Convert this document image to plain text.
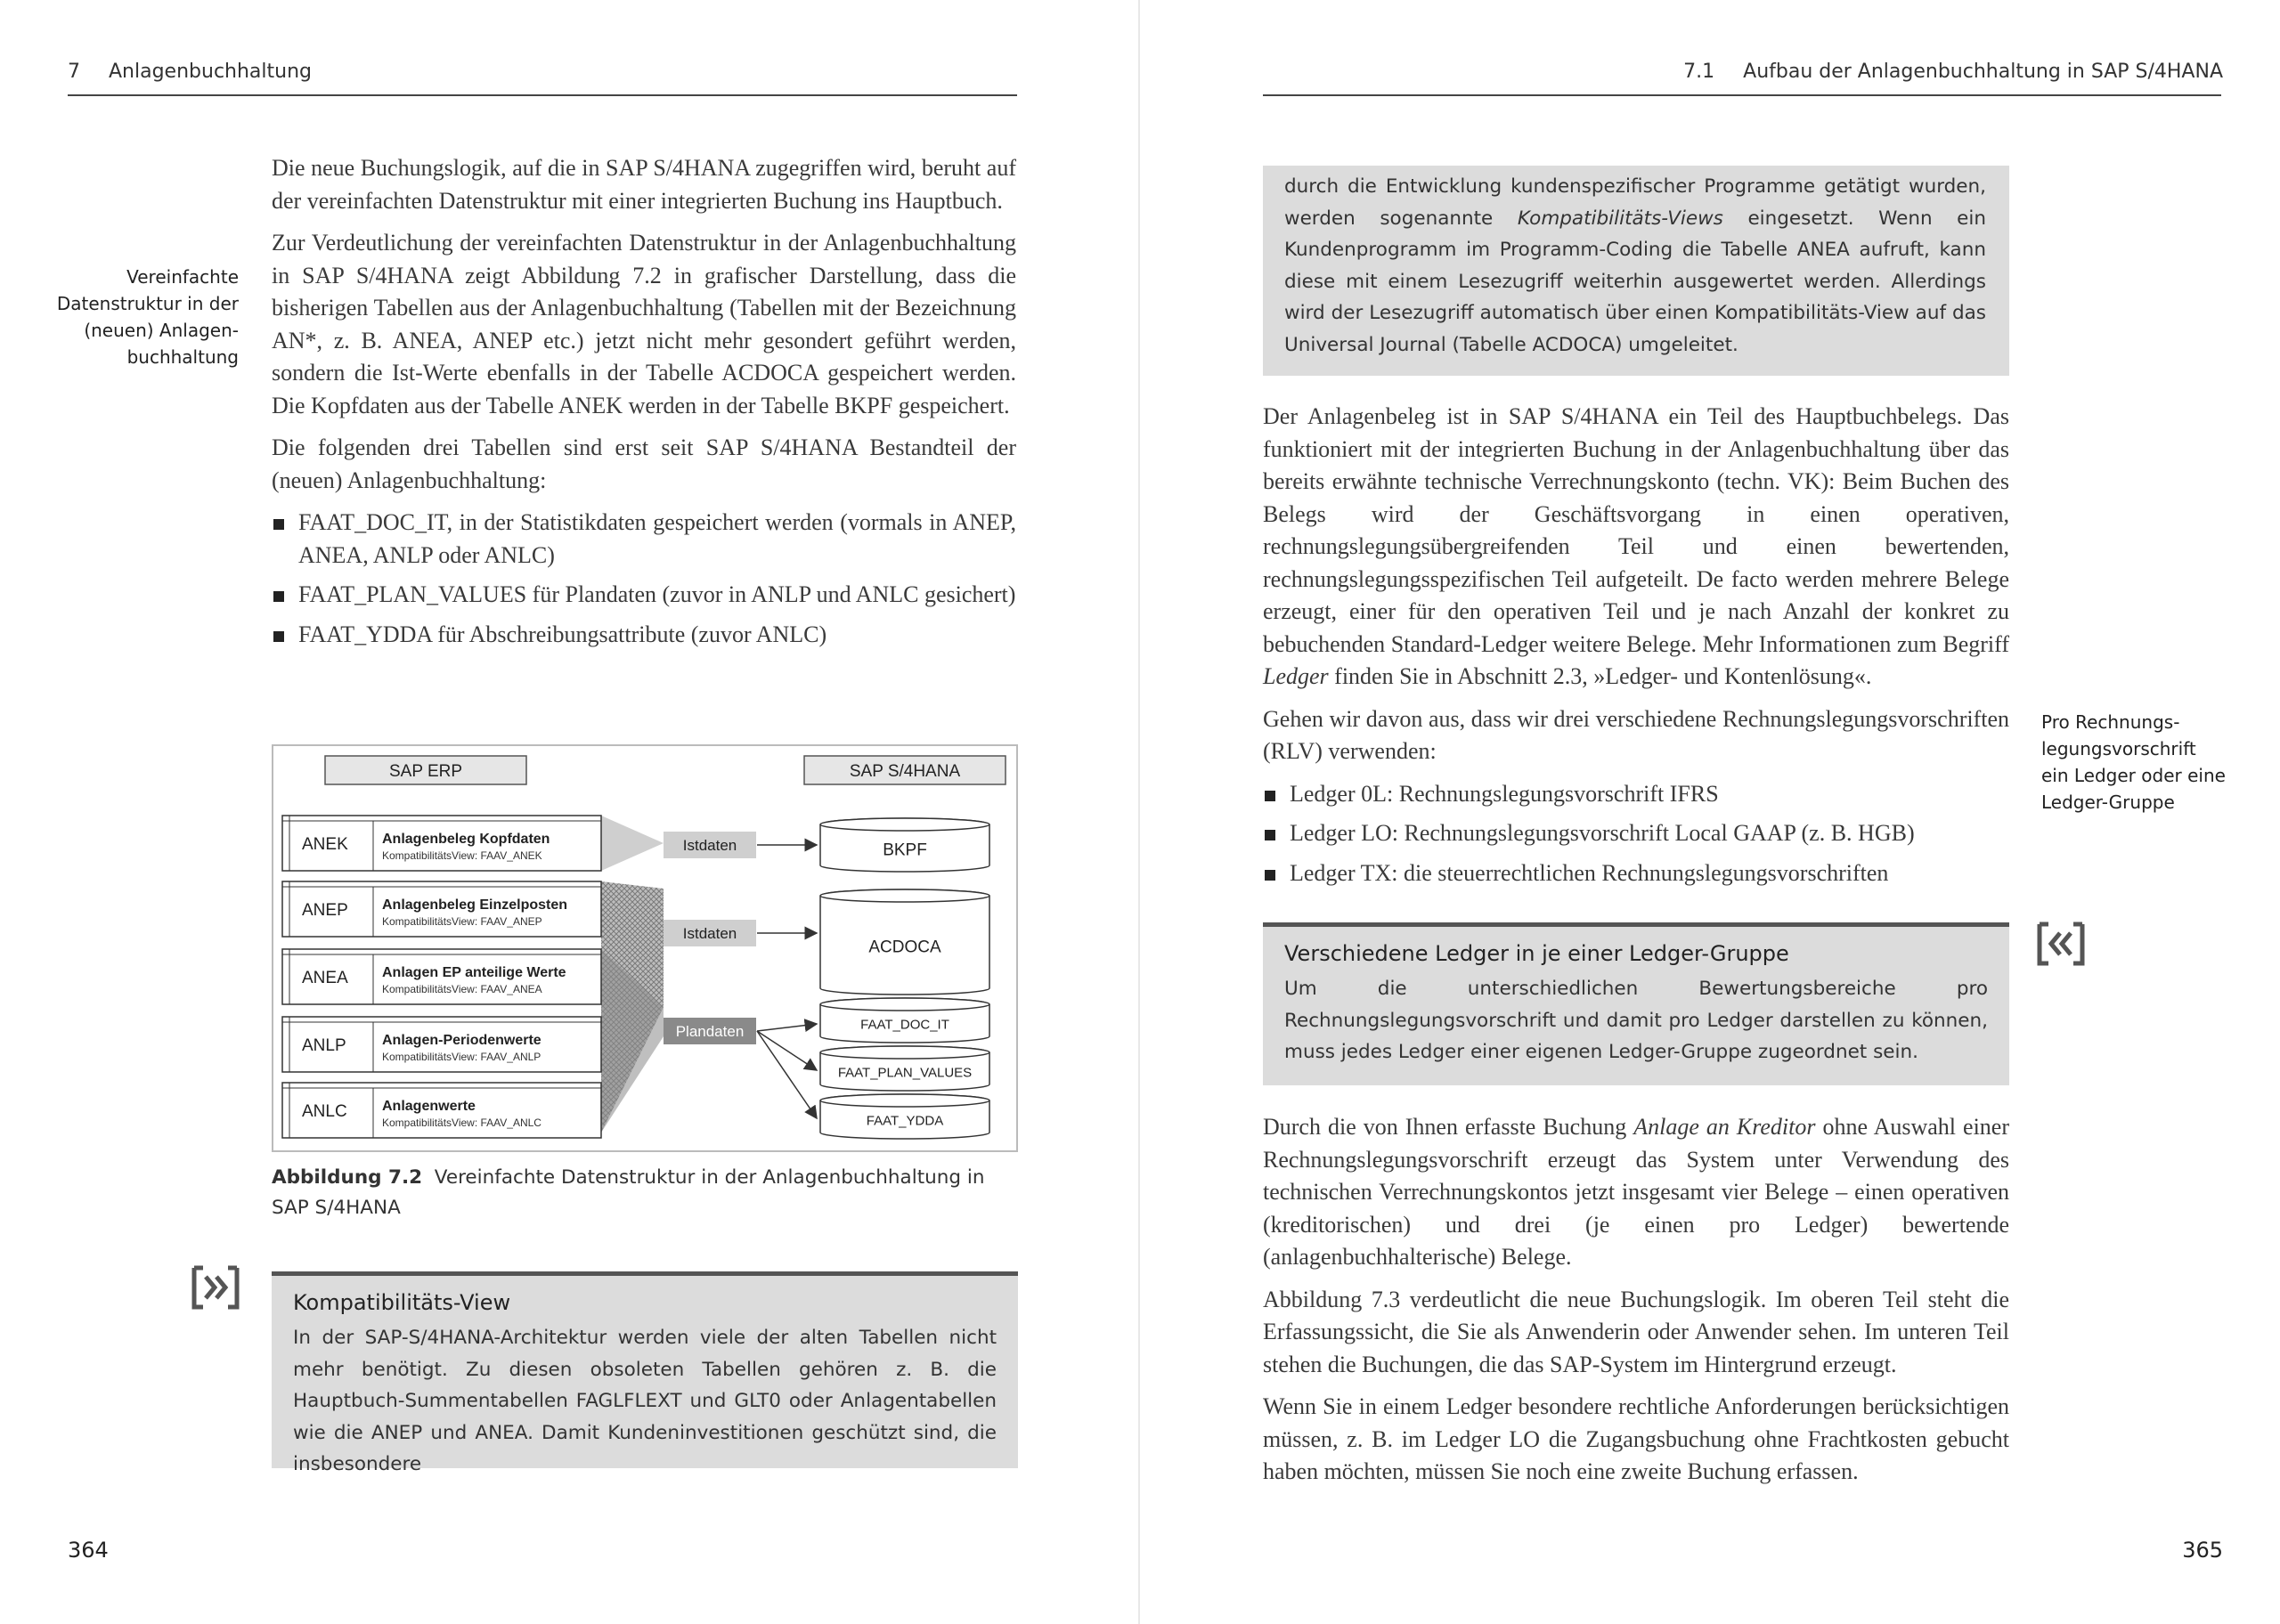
7 Anlagenbuchhaltung
Vereinfachte
Datenstruktur in der
(neuen) Anlagen-
buchhaltung

Die neue Buchungslogik, auf die in SAP S/4HANA zugegriffen wird, beruht auf der vereinfachten Datenstruktur mit einer integrierten Buchung ins Hauptbuch.

Zur Verdeutlichung der vereinfachten Datenstruktur in der Anlagenbuchhaltung in SAP S/4HANA zeigt Abbildung 7.2 in grafischer Darstellung, dass die bisherigen Tabellen aus der Anlagenbuchhaltung (Tabellen mit der Bezeichnung AN*, z. B. ANEA, ANEP etc.) jetzt nicht mehr gesondert geführt werden, sondern die Ist-Werte ebenfalls in der Tabelle ACDOCA gespeichert werden. Die Kopfdaten aus der Tabelle ANEK werden in der Tabelle BKPF gespeichert.

Die folgenden drei Tabellen sind erst seit SAP S/4HANA Bestandteil der (neuen) Anlagenbuchhaltung:

FAAT_DOC_IT, in der Statistikdaten gespeichert werden (vormals in ANEP, ANEA, ANLP oder ANLC)
FAAT_PLAN_VALUES für Plandaten (zuvor in ANLP und ANLC gesichert)
FAAT_YDDA für Abschreibungsattribute (zuvor ANLC)
SAP ERP	SAP S/4HANA
ANEK Anlagenbeleg Kopfdaten
KompatibilitätsView: FAAV_ANEK
ANEP Anlagenbeleg Einzelposten
KompatibilitätsView: FAAV_ANEP
ANEA Anlagen EP anteilige Werte
KompatibilitätsView: FAAV_ANEA
ANLP	Anlagen-Periodenwerte
KompatibilitätsView: FAAV_ANLP
ANLC Anlagenwerte
KompatibilitätsView: FAAV_ANLC
Istdaten
Istdaten
Plandaten
BKPF
ACDOCA
FAAT_DOC_IT
FAAT_PLAN_VALUES
FAAT_YDDA
Abbildung 7.2 Vereinfachte Datenstruktur in der Anlagenbuchhaltung in
SAP S/4HANA
Kompatibilitäts-View
In der SAP-S/4HANA-Architektur werden viele der alten Tabellen nicht mehr benötigt. Zu diesen obsoleten Tabellen gehören z. B. die Hauptbuch-Summentabellen FAGLFLEXT und GLT0 oder Anlagentabellen wie die ANEP und ANEA. Damit Kundeninvestitionen geschützt sind, die insbesondere
364
7.1 Aufbau der Anlagenbuchhaltung in SAP S/4HANA
durch die Entwicklung kundenspezifischer Programme getätigt wurden, werden sogenannte Kompatibilitäts-Views eingesetzt. Wenn ein Kundenprogramm im Programm-Coding die Tabelle ANEA aufruft, kann diese mit einem Lesezugriff weiterhin ausgewertet werden. Allerdings wird der Lesezugriff automatisch über einen Kompatibilitäts-View auf das Universal Journal (Tabelle ACDOCA) umgeleitet.
Pro Rechnungs-
legungsvorschrift
ein Ledger oder eine
Ledger-Gruppe

Der Anlagenbeleg ist in SAP S/4HANA ein Teil des Hauptbuchbelegs. Das funktioniert mit der integrierten Buchung in der Anlagenbuchhaltung über das bereits erwähnte technische Verrechnungskonto (techn. VK): Beim Buchen des Belegs wird der Geschäftsvorgang in einen operativen, rechnungslegungsübergreifenden Teil und einen bewertenden, rechnungslegungsspezifischen Teil aufgeteilt. De facto werden mehrere Belege erzeugt, einer für den operativen Teil und je nach Anzahl der konkret zu bebuchenden Standard-Ledger weitere Belege. Mehr Informationen zum Begriff Ledger finden Sie in Abschnitt 2.3, »Ledger- und Kontenlösung«.

Gehen wir davon aus, dass wir drei verschiedene Rechnungslegungsvorschriften (RLV) verwenden:

Ledger 0L: Rechnungslegungsvorschrift IFRS
Ledger LO: Rechnungslegungsvorschrift Local GAAP (z. B. HGB)
Ledger TX: die steuerrechtlichen Rechnungslegungsvorschriften
Verschiedene Ledger in je einer Ledger-Gruppe
Um die unterschiedlichen Bewertungsbereiche pro Rechnungslegungsvorschrift und damit pro Ledger darstellen zu können, muss jedes Ledger einer eigenen Ledger-Gruppe zugeordnet sein.

Durch die von Ihnen erfasste Buchung Anlage an Kreditor ohne Auswahl einer Rechnungslegungsvorschrift erzeugt das System unter Verwendung des technischen Verrechnungskontos jetzt insgesamt vier Belege – einen operativen (kreditorischen) und drei (je einen pro Ledger) bewertende (anlagenbuchhalterische) Belege.

Abbildung 7.3 verdeutlicht die neue Buchungslogik. Im oberen Teil steht die Erfassungssicht, die Sie als Anwenderin oder Anwender sehen. Im unteren Teil stehen die Buchungen, die das SAP-System im Hintergrund erzeugt.

Wenn Sie in einem Ledger besondere rechtliche Anforderungen berücksichtigen müssen, z. B. im Ledger LO die Zugangsbuchung ohne Frachtkosten gebucht haben möchten, müssen Sie noch eine zweite Buchung erfassen.

365
